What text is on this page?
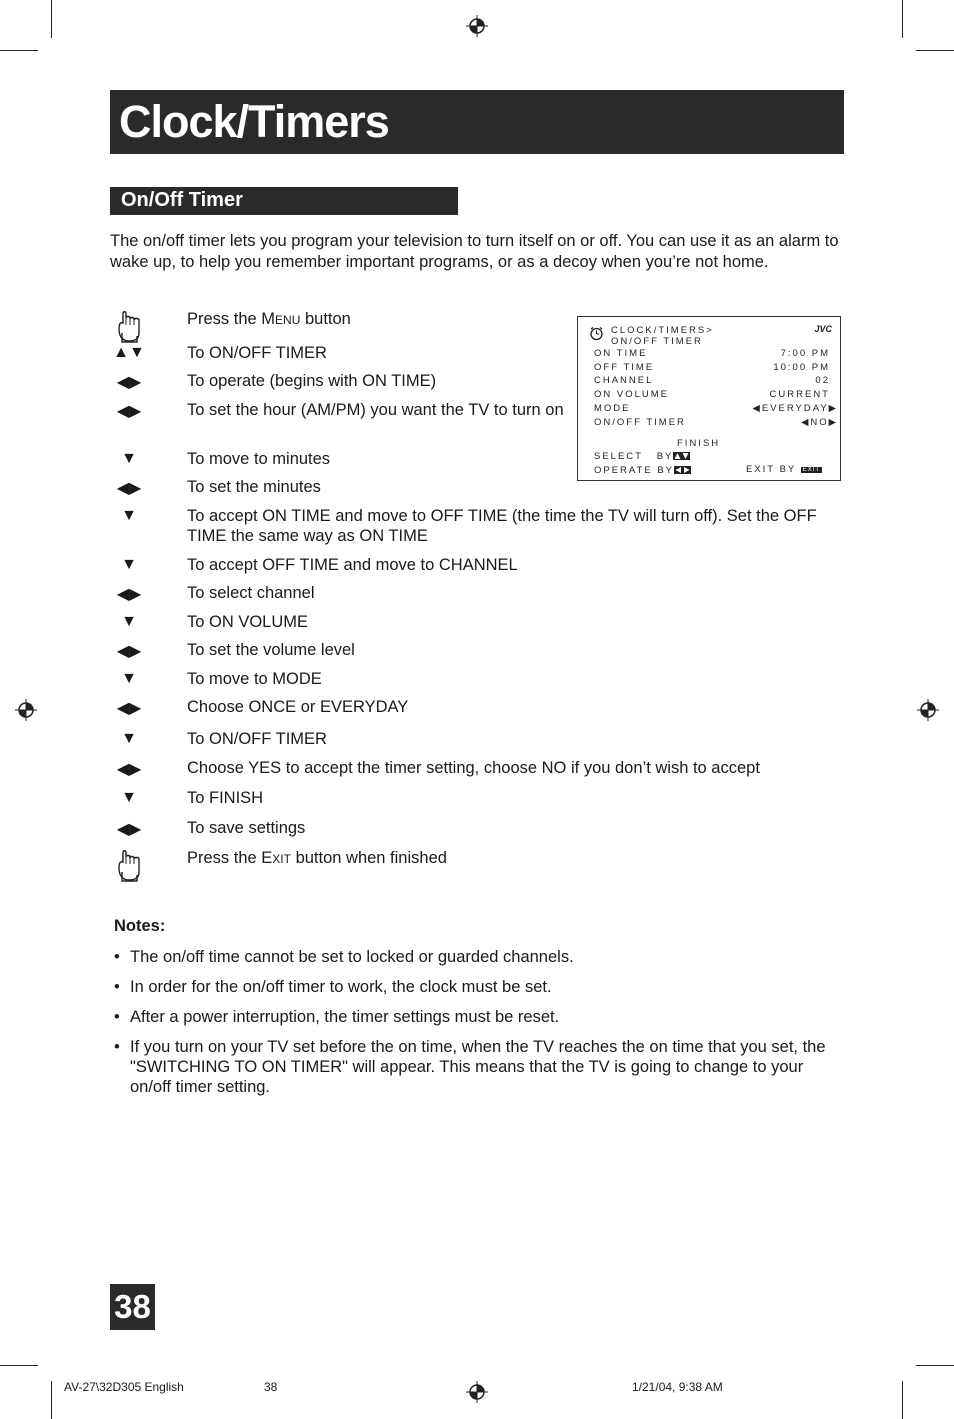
Clock/Timers
On/Off Timer
The on/off timer lets you program your television to turn itself on or off. You can use it as an alarm to wake up, to help you remember important programs, or as a decoy when you’re not home.
Press the Menu button
▲▼	To ON/OFF TIMER
◀▶	To operate (begins with ON TIME)
◀▶	To set the hour (AM/PM) you want the TV to turn on
▼	To move to minutes
◀▶	To set the minutes
▼	To accept ON TIME and move to OFF TIME (the time the TV will turn off). Set the OFF TIME the same way as ON TIME
▼	To accept OFF TIME and move to CHANNEL
◀▶	To select channel
▼	To ON VOLUME
◀▶	To set the volume level
▼	To move to MODE
◀▶	Choose ONCE or EVERYDAY
▼	To ON/OFF TIMER
◀▶	Choose YES to accept the timer setting, choose NO if you don’t wish to accept
▼	To FINISH
◀▶	To save settings
Press the Exit button when finished
CLOCK/TIMERS>
ON/OFF TIMER
JVC
ON TIME	7:00 PM
OFF TIME	10:00 PM
CHANNEL	02
ON VOLUME	CURRENT
MODE	◀EVERYDAY▶
ON/OFF TIMER	◀NO▶
FINISH
SELECT   BY
OPERATE BY	EXIT BY EXIT
Notes:
• The on/off time cannot be set to locked or guarded channels.
• In order for the on/off timer to work, the clock must be set.
• After a power interruption, the timer settings must be reset.
• If you turn on your TV set before the on time, when the TV reaches the on time that you set, the "SWITCHING TO ON TIMER" will appear. This means that the TV is going to change to your on/off timer setting.
38
AV-27\32D305 English	38	1/21/04, 9:38 AM
